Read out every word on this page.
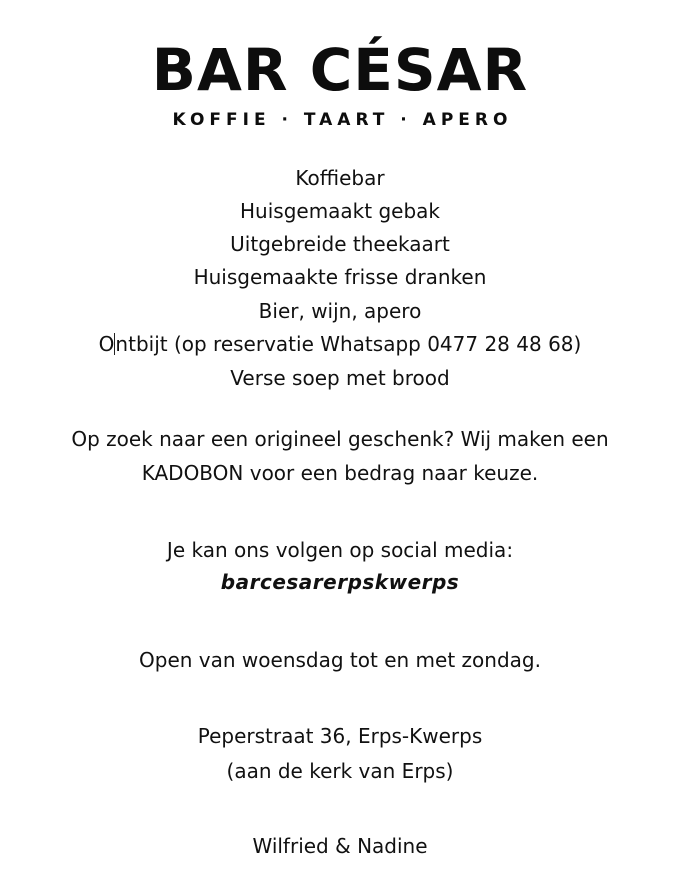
BAR CÉSAR
KOFFIE · TAART · APERO
Koffiebar
Huisgemaakt gebak
Uitgebreide theekaart
Huisgemaakte frisse dranken
Bier, wijn, apero
Ontbijt (op reservatie Whatsapp 0477 28 48 68)
Verse soep met brood
Op zoek naar een origineel geschenk? Wij maken een
KADOBON voor een bedrag naar keuze.
Je kan ons volgen op social media:
barcesarerpskwerps
Open van woensdag tot en met zondag.
Peperstraat 36, Erps-Kwerps
(aan de kerk van Erps)
Wilfried & Nadine
